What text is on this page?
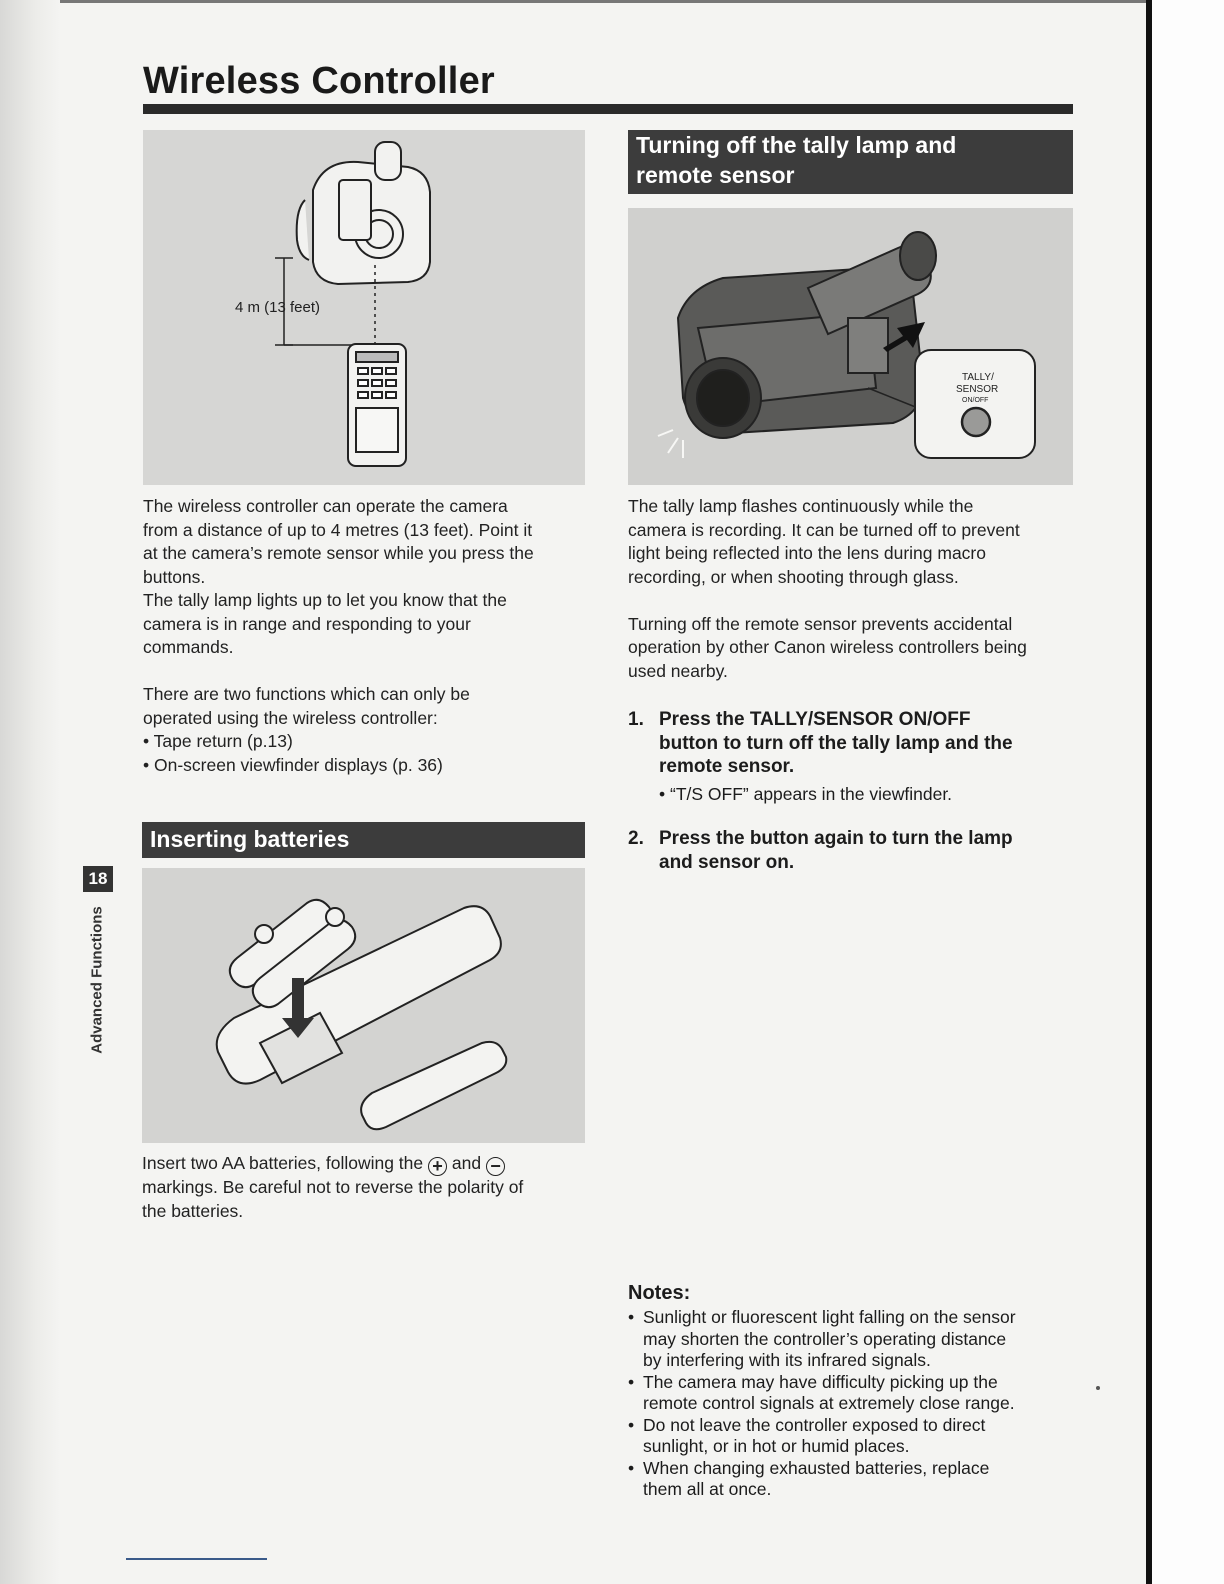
Wireless Controller
4 m (13 feet)
The wireless controller can operate the camera
from a distance of up to 4 metres (13 feet). Point it
at the camera’s remote sensor while you press the
buttons.
The tally lamp lights up to let you know that the
camera is in range and responding to your
commands.
There are two functions which can only be
operated using the wireless controller:
• Tape return (p.13)
• On-screen viewfinder displays (p. 36)
Inserting batteries
Insert two AA batteries, following the + and −
markings. Be careful not to reverse the polarity of
the batteries.
Turning off the tally lamp and
remote sensor
TALLY/
SENSOR
ON/OFF
The tally lamp flashes continuously while the
camera is recording. It can be turned off to prevent
light being reflected into the lens during macro
recording, or when shooting through glass.
Turning off the remote sensor prevents accidental
operation by other Canon wireless controllers being
used nearby.
1. Press the TALLY/SENSOR ON/OFF
button to turn off the tally lamp and the
remote sensor.
• “T/S OFF” appears in the viewfinder.
2. Press the button again to turn the lamp
and sensor on.
Notes:
• Sunlight or fluorescent light falling on the sensor
may shorten the controller’s operating distance
by interfering with its infrared signals.
• The camera may have difficulty picking up the
remote control signals at extremely close range.
• Do not leave the controller exposed to direct
sunlight, or in hot or humid places.
• When changing exhausted batteries, replace
them all at once.
18
Advanced Functions
